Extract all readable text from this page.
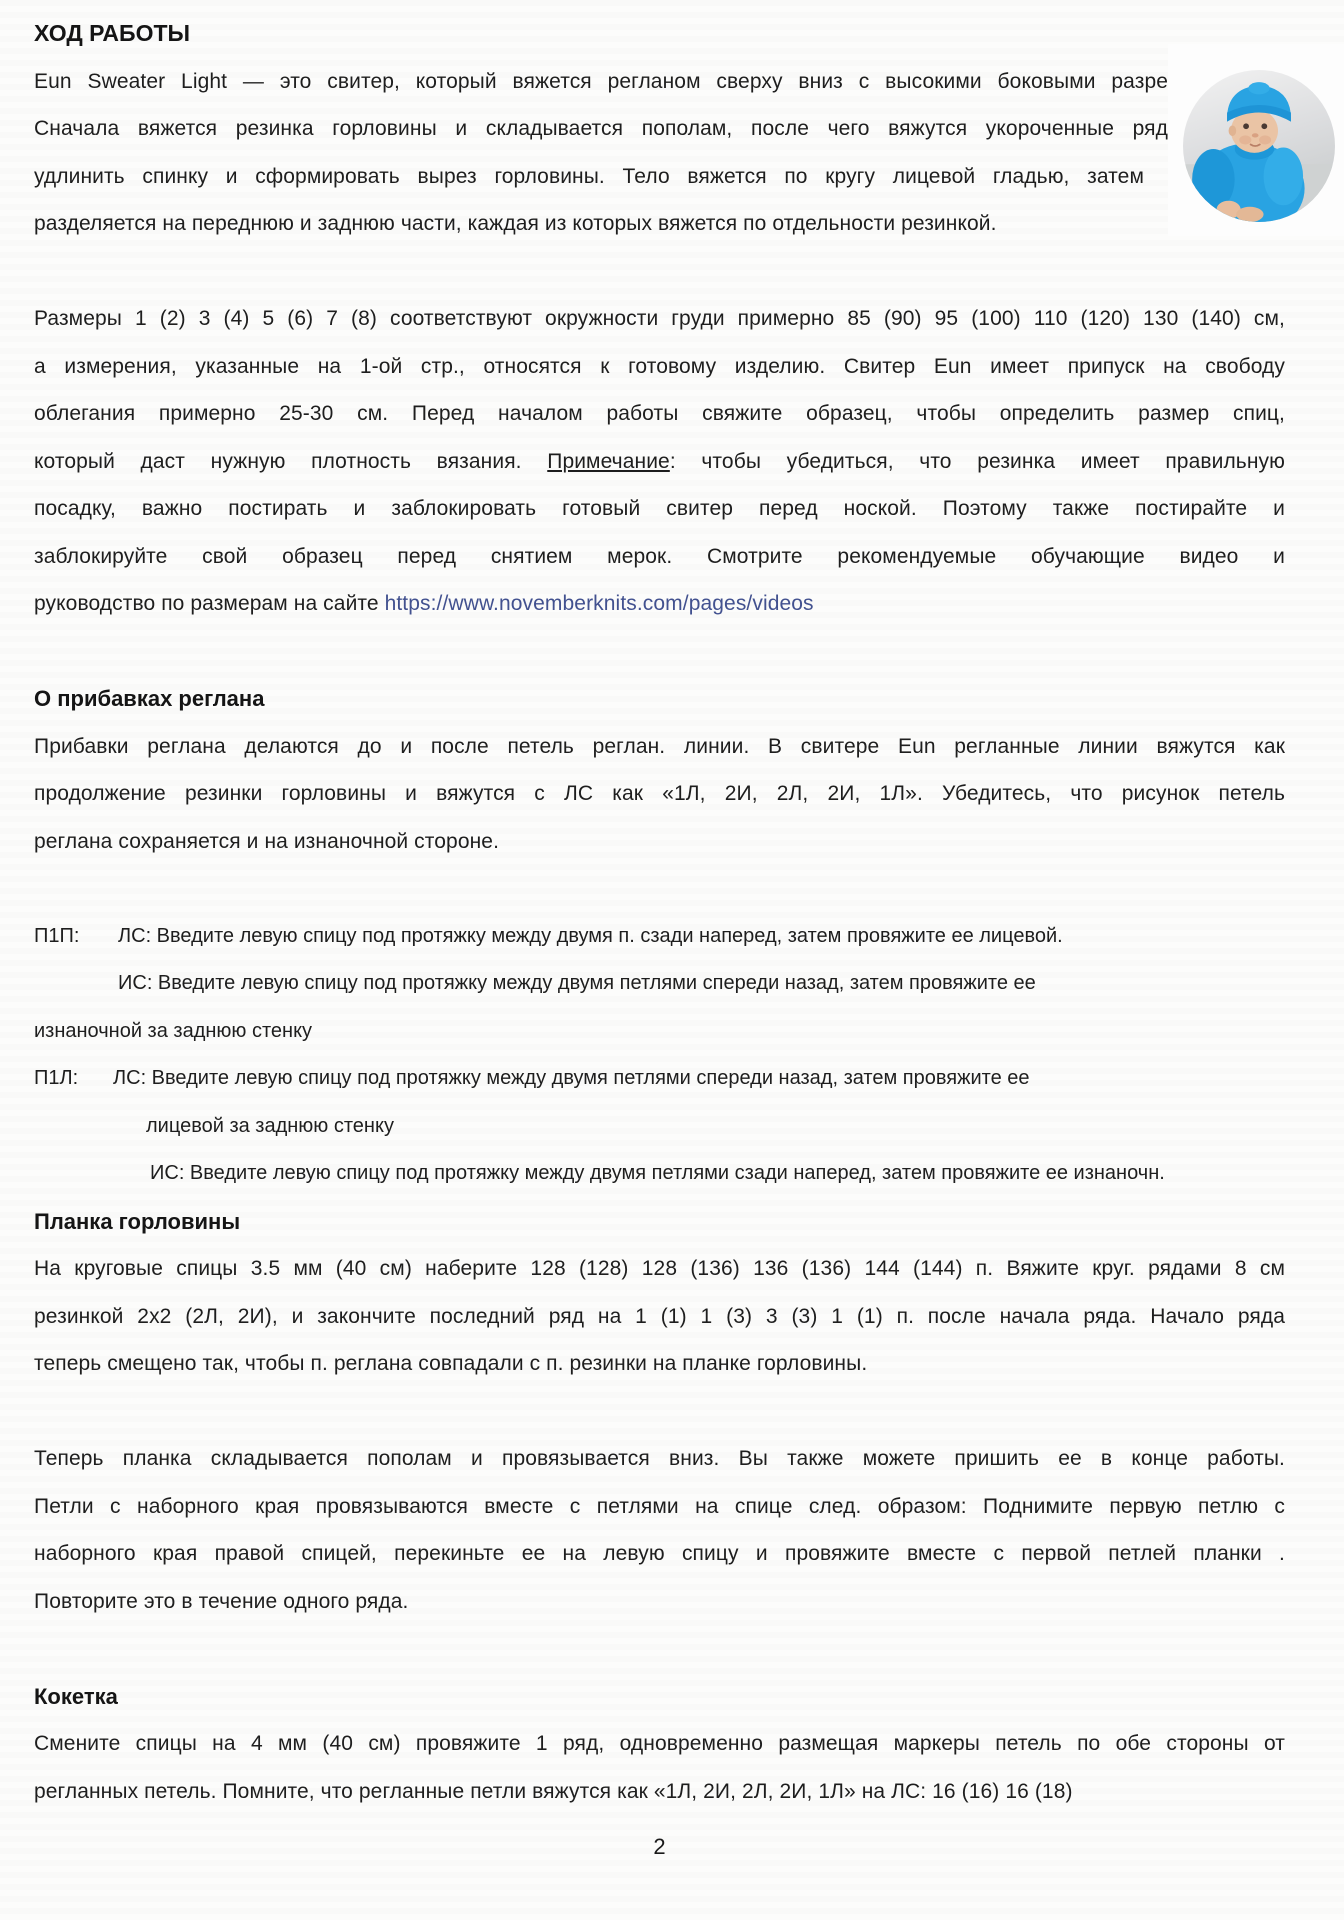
ХОД РАБОТЫ
Eun Sweater Light — это свитер, который вяжется регланом сверху вниз с высокими боковыми разре
Сначала вяжется резинка горловины и складывается пополам, после чего вяжутся укороченные ряд
удлинить спинку и сформировать вырез горловины. Тело вяжется по кругу лицевой гладью, затем
разделяется на переднюю и заднюю части, каждая из которых вяжется по отдельности резинкой.
Размеры 1 (2) 3 (4) 5 (6) 7 (8) соответствуют окружности груди примерно 85 (90) 95 (100) 110 (120) 130 (140) см,
а измерения, указанные на 1-ой стр., относятся к готовому изделию. Свитер Eun имеет припуск на свободу
облегания примерно 25-30 см. Перед началом работы свяжите образец, чтобы определить размер спиц,
который даст нужную плотность вязания. Примечание: чтобы убедиться, что резинка имеет правильную
посадку, важно постирать и заблокировать готовый свитер перед ноской. Поэтому также постирайте и
заблокируйте свой образец перед снятием мерок. Смотрите рекомендуемые обучающие видео и
руководство по размерам на сайте https://www.novemberknits.com/pages/videos
О прибавках реглана
Прибавки реглана делаются до и после петель реглан. линии. В свитере Eun регланные линии вяжутся как
продолжение резинки горловины и вяжутся с ЛС как «1Л, 2И, 2Л, 2И, 1Л». Убедитесь, что рисунок петель
реглана сохраняется и на изнаночной стороне.
П1П: ЛС: Введите левую спицу под протяжку между двумя п. сзади наперед, затем провяжите ее лицевой.
ИС: Введите левую спицу под протяжку между двумя петлями спереди назад, затем провяжите ее
изнаночной за заднюю стенку
П1Л: ЛС: Введите левую спицу под протяжку между двумя петлями спереди назад, затем провяжите ее
лицевой за заднюю стенку
ИС: Введите левую спицу под протяжку между двумя петлями сзади наперед, затем провяжите ее изнаночн.
Планка горловины
На круговые спицы 3.5 мм (40 см) наберите 128 (128) 128 (136) 136 (136) 144 (144) п. Вяжите круг. рядами 8 см
резинкой 2х2 (2Л, 2И), и закончите последний ряд на 1 (1) 1 (3) 3 (3) 1 (1) п. после начала ряда. Начало ряда
теперь смещено так, чтобы п. реглана совпадали с п. резинки на планке горловины.
Теперь планка складывается пополам и провязывается вниз. Вы также можете пришить ее в конце работы.
Петли с наборного края провязываются вместе с петлями на спице след. образом: Поднимите первую петлю с
наборного края правой спицей, перекиньте ее на левую спицу и провяжите вместе с первой петлей планки .
Повторите это в течение одного ряда.
Кокетка
Смените спицы на 4 мм (40 см) провяжите 1 ряд, одновременно размещая маркеры петель по обе стороны от
регланных петель. Помните, что регланные петли вяжутся как «1Л, 2И, 2Л, 2И, 1Л» на ЛС: 16 (16) 16 (18)
2
